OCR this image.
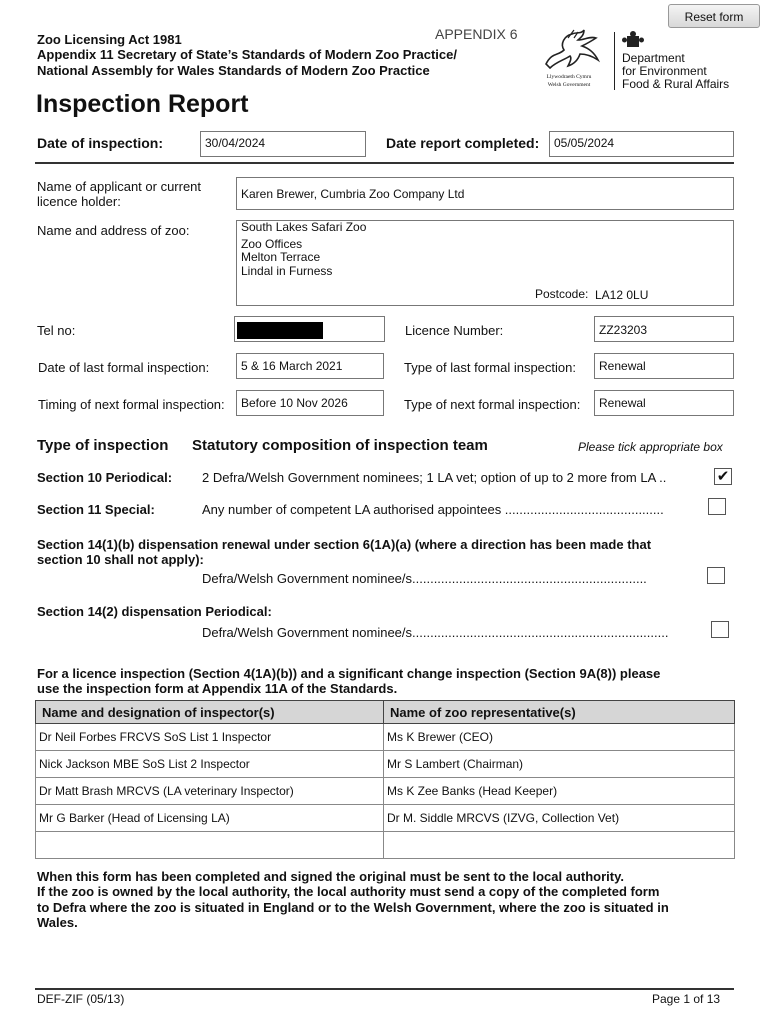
Reset form
APPENDIX 6
Zoo Licensing Act 1981
Appendix 11 Secretary of State’s Standards of Modern Zoo Practice/
National Assembly for Wales Standards of Modern Zoo Practice	Llywodraeth Cymru
Welsh Government
Department
for Environment
Food & Rural Affairs
Inspection Report
Date of inspection:	30/04/2024	Date report completed:	05/05/2024
Name of applicant or current
licence holder:	Karen Brewer, Cumbria Zoo Company Ltd
Name and address of zoo:	South Lakes Safari Zoo
Zoo Offices
Melton Terrace
Lindal in Furness
Postcode: LA12 0LU
Tel no:	Licence Number:	ZZ23203
Date of last formal inspection:	5 & 16 March 2021	Type of last formal inspection:	Renewal
Timing of next formal inspection:	Before 10 Nov 2026	Type of next formal inspection:	Renewal
Type of inspection Statutory composition of inspection team	Please tick appropriate box
Section 10 Periodical: 2 Defra/Welsh Government nominees; 1 LA vet; option of up to 2 more from LA ..	✔
Section 11 Special:	Any number of competent LA authorised appointees ............................................
Section 14(1)(b) dispensation renewal under section 6(1A)(a) (where a direction has been made that
section 10 shall not apply):
Defra/Welsh Government nominee/s.................................................................
Section 14(2) dispensation Periodical:
Defra/Welsh Government nominee/s.......................................................................
For a licence inspection (Section 4(1A)(b)) and a significant change inspection (Section 9A(8)) please
use the inspection form at Appendix 11A of the Standards.
Name and designation of inspector(s)	Name of zoo representative(s)
Dr Neil Forbes FRCVS SoS List 1 Inspector	Ms K Brewer (CEO)
Nick Jackson MBE SoS List 2 Inspector	Mr S Lambert (Chairman)
Dr Matt Brash MRCVS (LA veterinary Inspector)	Ms K Zee Banks (Head Keeper)
Mr G Barker (Head of Licensing LA)	Dr M. Siddle MRCVS (IZVG, Collection Vet)

When this form has been completed and signed the original must be sent to the local authority.
If the zoo is owned by the local authority, the local authority must send a copy of the completed form
to Defra where the zoo is situated in England or to the Welsh Government, where the zoo is situated in
Wales.
DEF-ZIF (05/13)	Page 1 of 13
